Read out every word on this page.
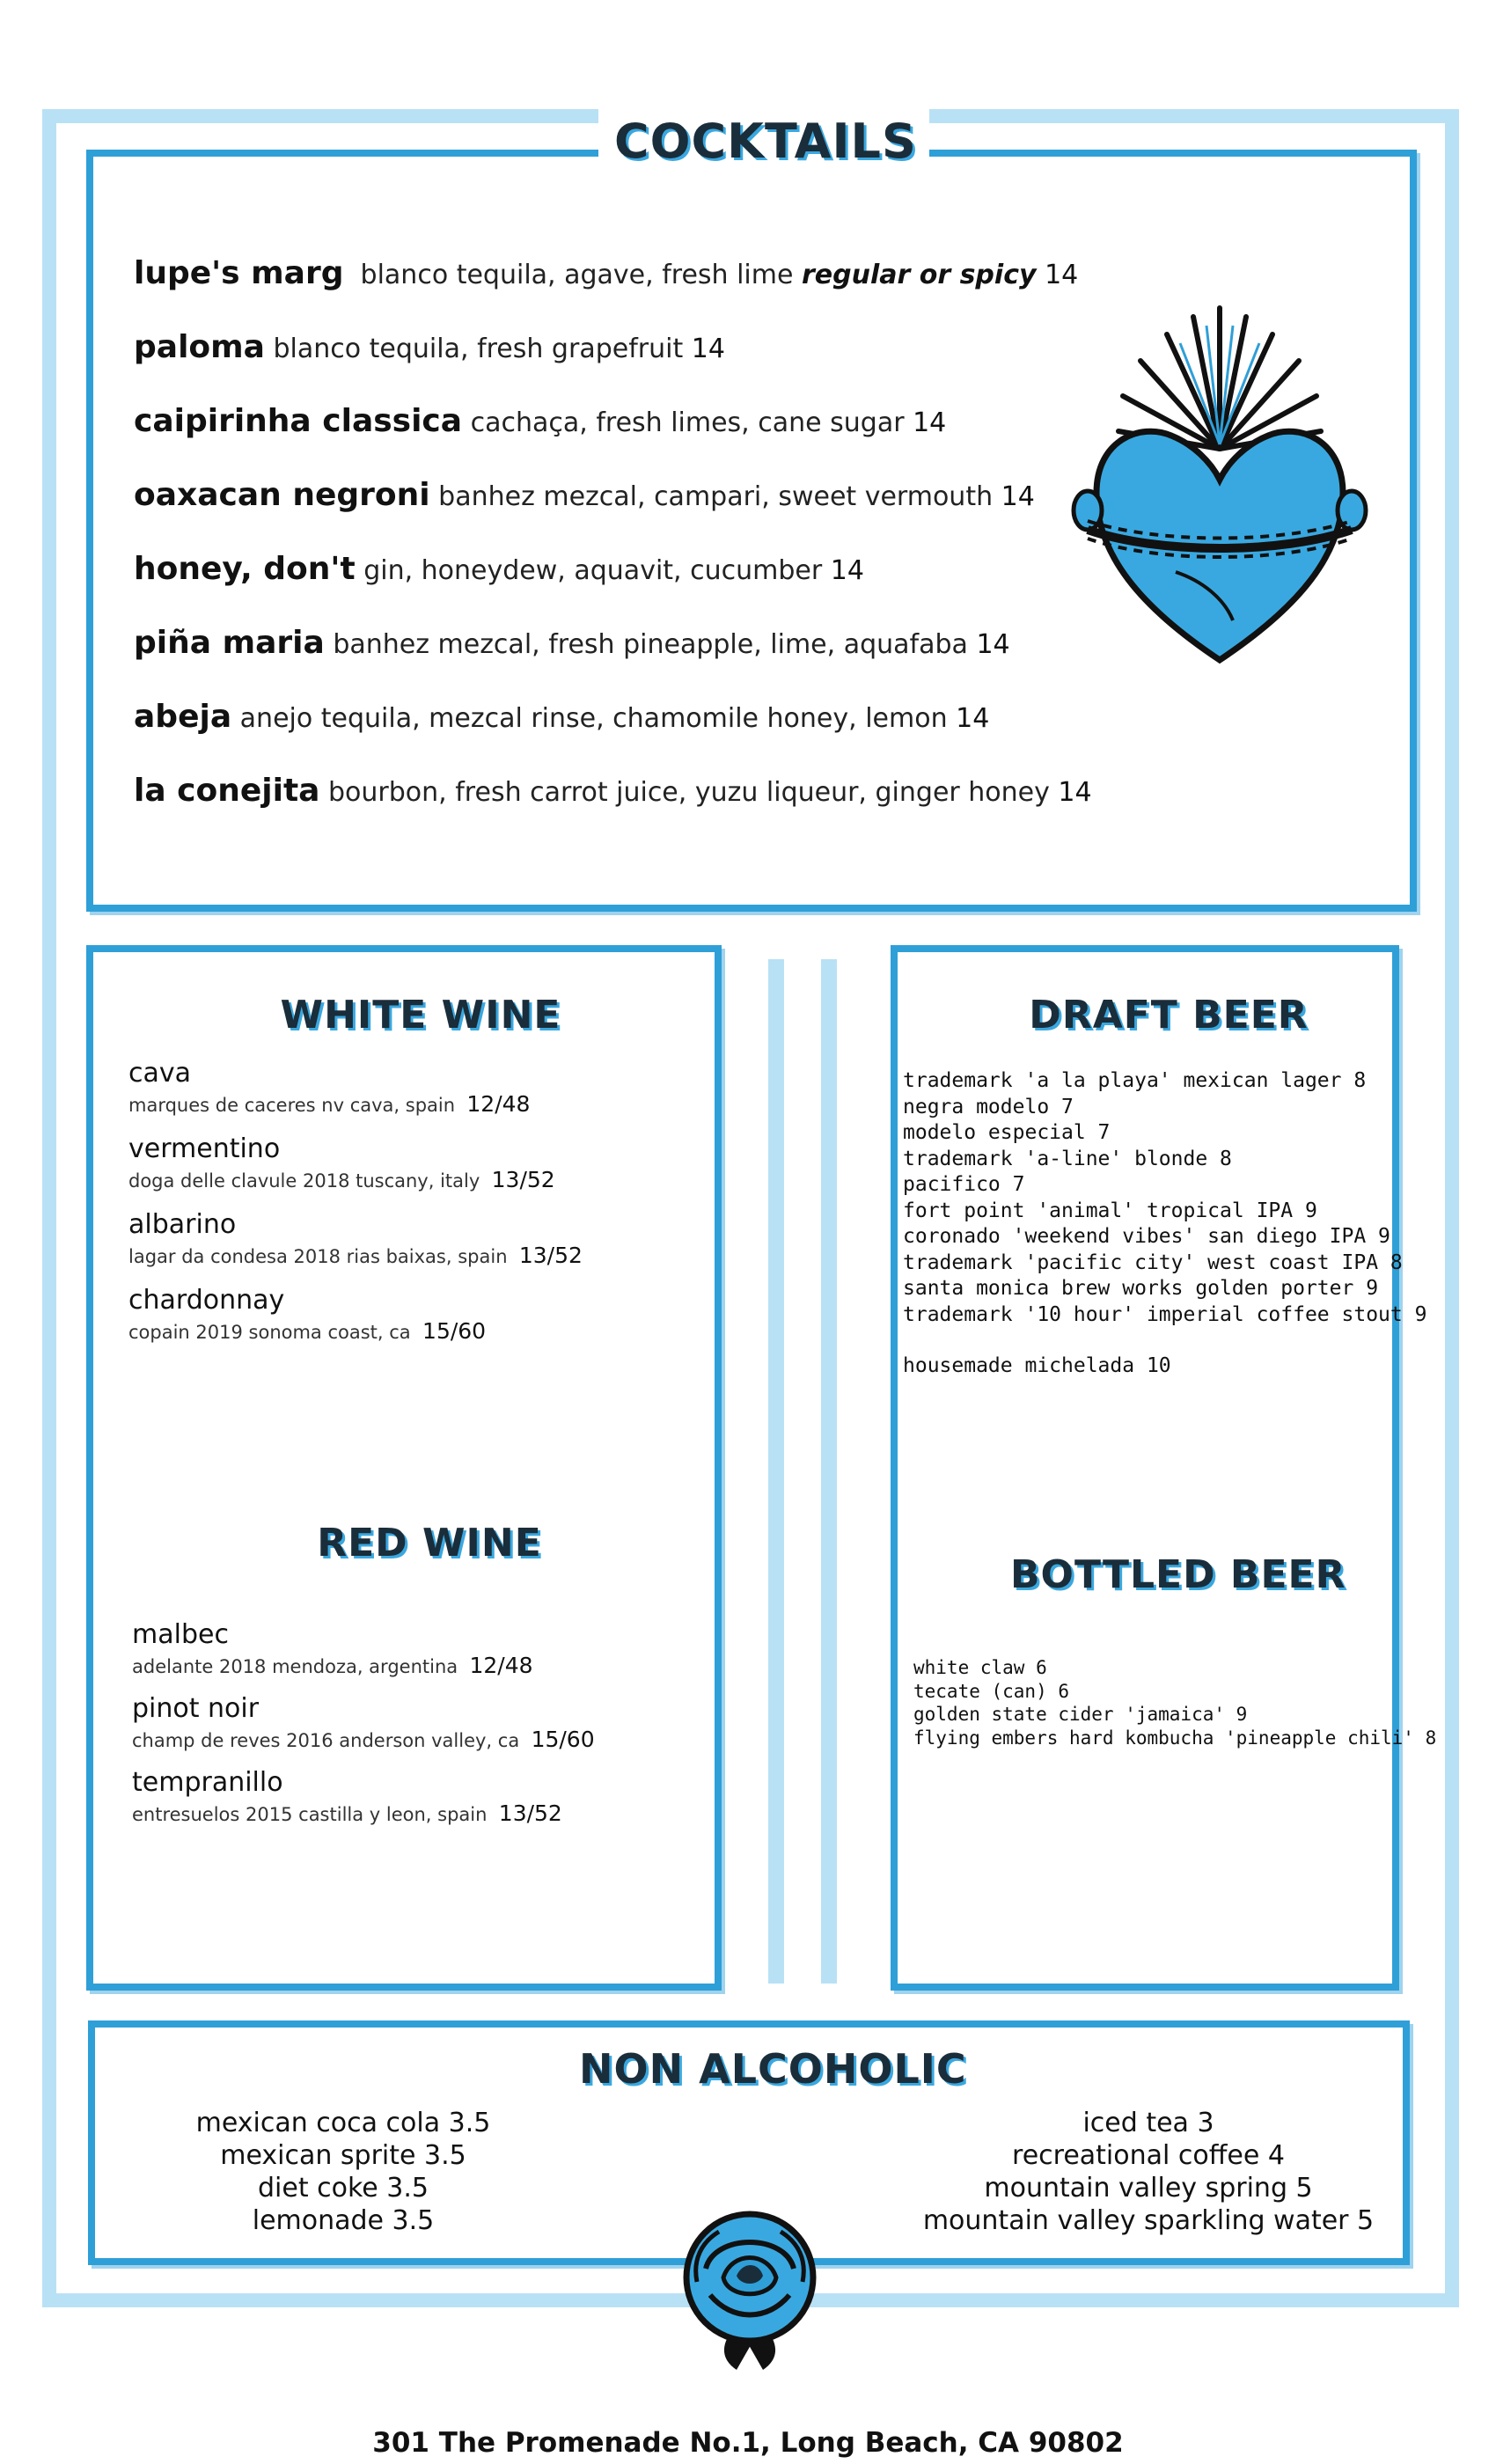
COCKTAILS
lupe's marg blanco tequila, agave, fresh lime regular or spicy 14
paloma blanco tequila, fresh grapefruit 14
caipirinha classica cachaça, fresh limes, cane sugar 14
oaxacan negroni banhez mezcal, campari, sweet vermouth 14
honey, don't gin, honeydew, aquavit, cucumber 14
piña maria banhez mezcal, fresh pineapple, lime, aquafaba 14
abeja anejo tequila, mezcal rinse, chamomile honey, lemon 14
la conejita bourbon, fresh carrot juice, yuzu liqueur, ginger honey 14
WHITE WINE
cava
marques de caceres nv cava, spain 12/48
vermentino
doga delle clavule 2018 tuscany, italy 13/52
albarino
lagar da condesa 2018 rias baixas, spain 13/52
chardonnay
copain 2019 sonoma coast, ca 15/60
RED WINE
malbec
adelante 2018 mendoza, argentina 12/48
pinot noir
champ de reves 2016 anderson valley, ca 15/60
tempranillo
entresuelos 2015 castilla y leon, spain 13/52
DRAFT BEER
trademark 'a la playa' mexican lager 8
negra modelo 7
modelo especial 7
trademark 'a-line' blonde 8
pacifico 7
fort point 'animal' tropical IPA 9
coronado 'weekend vibes' san diego IPA 9
trademark 'pacific city' west coast IPA 8
santa monica brew works golden porter 9
trademark '10 hour' imperial coffee stout 9
housemade michelada 10
BOTTLED BEER
white claw 6
tecate (can) 6
golden state cider 'jamaica' 9
flying embers hard kombucha 'pineapple chili' 8
NON ALCOHOLIC
mexican coca cola 3.5
mexican sprite 3.5
diet coke 3.5
lemonade 3.5
iced tea 3
recreational coffee 4
mountain valley spring 5
mountain valley sparkling water 5
301 The Promenade No.1, Long Beach, CA 90802
